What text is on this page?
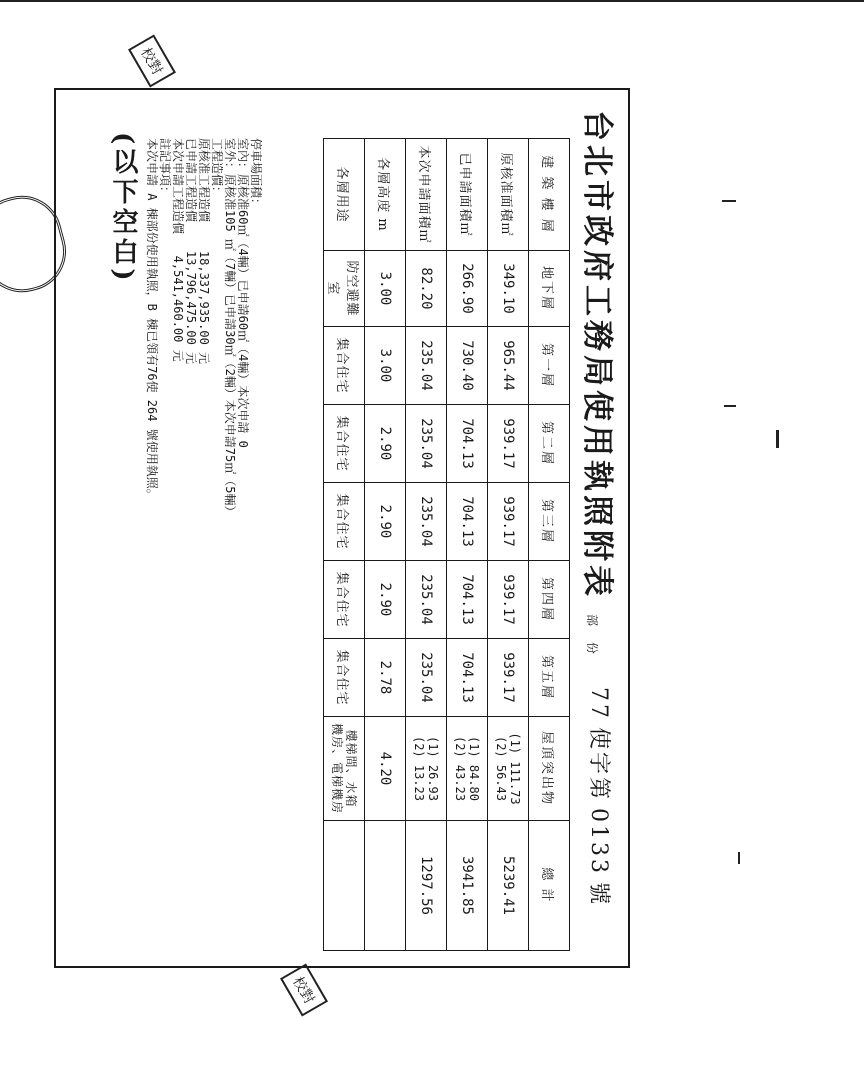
台北市政府工務局使用執照附表
部 份
77使字第0133號
建 築 樓 層	地下層	第一層	第二層	第三層	第四層	第五層	屋頂突出物	總 計
原核准面積㎡	349.10	965.44	939.17	939.17	939.17	939.17	(1) 111.73
(2) 56.43	5239.41
已申請面積㎡	266.90	730.40	704.13	704.13	704.13	704.13	(1) 84.80
(2) 43.23	3941.85
本次申請面積㎡	82.20	235.04	235.04	235.04	235.04	235.04	(1) 26.93
(2) 13.23	1297.56
各層高度 m	3.00	3.00	2.90	2.90	2.90	2.78	4.20	
各層用途	防空避難室	集合住宅	集合住宅	集合住宅	集合住宅	集合住宅	樓梯間、水箱
機房、電梯機房	
停車場面積：
室內：原核准60㎡（4輛）已申請60㎡（4輛）本次申請 0
室外：原核准105 ㎡（7輛）已申請30㎡（2輛）本次申請75㎡（5輛）
工程造價：
原核准工程造價    18,337,935.00 元
已申請工程造價    13,796,475.00 元
本次申請工程造價   4,541,460.00 元
註記事項：
本次申請 A 棟部份使用執照，B 棟已領有76使 264 號使用執照。
(以下空白)
校對
校對
